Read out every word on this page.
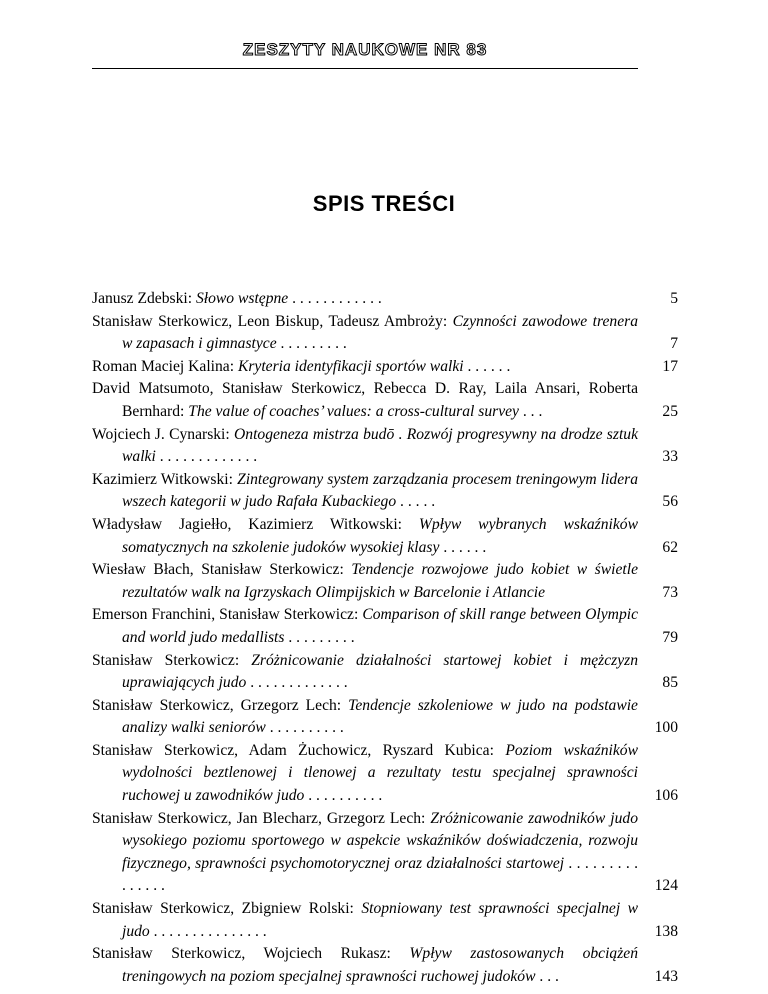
ZESZYTY NAUKOWE NR 83
SPIS TREŚCI
Janusz Zdebski: Słowo wstępne . . . . . . . . . . . .	5
Stanisław Sterkowicz, Leon Biskup, Tadeusz Ambroży: Czynności zawodowe trenera w zapasach i gimnastyce . . . . . . . . .	7
Roman Maciej Kalina: Kryteria identyfikacji sportów walki . . . . . .	17
David Matsumoto, Stanisław Sterkowicz, Rebecca D. Ray, Laila Ansari, Roberta Bernhard: The value of coaches’ values: a cross-cultural survey . . .	25
Wojciech J. Cynarski: Ontogeneza mistrza budō . Rozwój progresywny na drodze sztuk walki . . . . . . . . . . . . .	33
Kazimierz Witkowski: Zintegrowany system zarządzania procesem treningowym lidera wszech kategorii w judo Rafała Kubackiego . . . . .	56
Władysław Jagiełło, Kazimierz Witkowski: Wpływ wybranych wskaźników somatycznych na szkolenie judoków wysokiej klasy . . . . . .	62
Wiesław Błach, Stanisław Sterkowicz: Tendencje rozwojowe judo kobiet w świetle rezultatów walk na Igrzyskach Olimpijskich w Barcelonie i Atlancie	73
Emerson Franchini, Stanisław Sterkowicz: Comparison of skill range between Olympic and world judo medallists . . . . . . . . .	79
Stanisław Sterkowicz: Zróżnicowanie działalności startowej kobiet i mężczyzn uprawiających judo . . . . . . . . . . . . .	85
Stanisław Sterkowicz, Grzegorz Lech: Tendencje szkoleniowe w judo na podstawie analizy walki seniorów . . . . . . . . . .	100
Stanisław Sterkowicz, Adam Żuchowicz, Ryszard Kubica: Poziom wskaźników wydolności beztlenowej i tlenowej a rezultaty testu specjalnej sprawności ruchowej u zawodników judo . . . . . . . . . .	106
Stanisław Sterkowicz, Jan Blecharz, Grzegorz Lech: Zróżnicowanie zawodników judo wysokiego poziomu sportowego w aspekcie wskaźników doświadczenia, rozwoju fizycznego, sprawności psychomotorycznej oraz działalności startowej . . . . . . . . . . . . . . .	124
Stanisław Sterkowicz, Zbigniew Rolski: Stopniowany test sprawności specjalnej w judo . . . . . . . . . . . . . . .	138
Stanisław Sterkowicz, Wojciech Rukasz: Wpływ zastosowanych obciążeń treningowych na poziom specjalnej sprawności ruchowej judoków . . .	143
